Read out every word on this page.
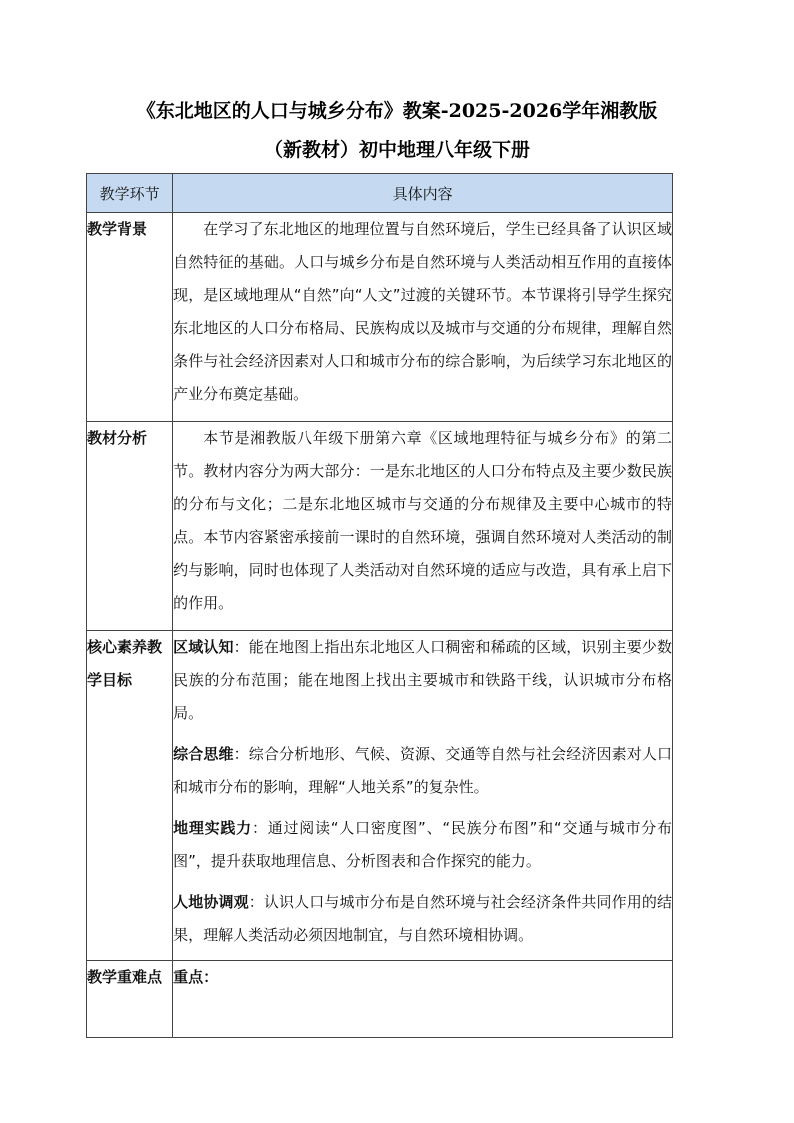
《东北地区的人口与城乡分布》教案-2025-2026学年湘教版
（新教材）初中地理八年级下册
教学环节	具体内容
教学背景	在学习了东北地区的地理位置与自然环境后，学生已经具备了认识区域自然特征的基础。人口与城乡分布是自然环境与人类活动相互作用的直接体现，是区域地理从“自然”向“人文”过渡的关键环节。本节课将引导学生探究东北地区的人口分布格局、民族构成以及城市与交通的分布规律，理解自然条件与社会经济因素对人口和城市分布的综合影响，为后续学习东北地区的产业分布奠定基础。

教材分析	本节是湘教版八年级下册第六章《区域地理特征与城乡分布》的第二节。教材内容分为两大部分：一是东北地区的人口分布特点及主要少数民族的分布与文化；二是东北地区城市与交通的分布规律及主要中心城市的特点。本节内容紧密承接前一课时的自然环境，强调自然环境对人类活动的制约与影响，同时也体现了人类活动对自然环境的适应与改造，具有承上启下的作用。

核心素养教学目标	区域认知：能在地图上指出东北地区人口稠密和稀疏的区域，识别主要少数民族的分布范围；能在地图上找出主要城市和铁路干线，认识城市分布格局。
综合思维：综合分析地形、气候、资源、交通等自然与社会经济因素对人口和城市分布的影响，理解“人地关系”的复杂性。
地理实践力：通过阅读“人口密度图”、“民族分布图”和“交通与城市分布图”，提升获取地理信息、分析图表和合作探究的能力。
人地协调观：认识人口与城市分布是自然环境与社会经济条件共同作用的结果，理解人类活动必须因地制宜，与自然环境相协调。

教学重难点	重点：
